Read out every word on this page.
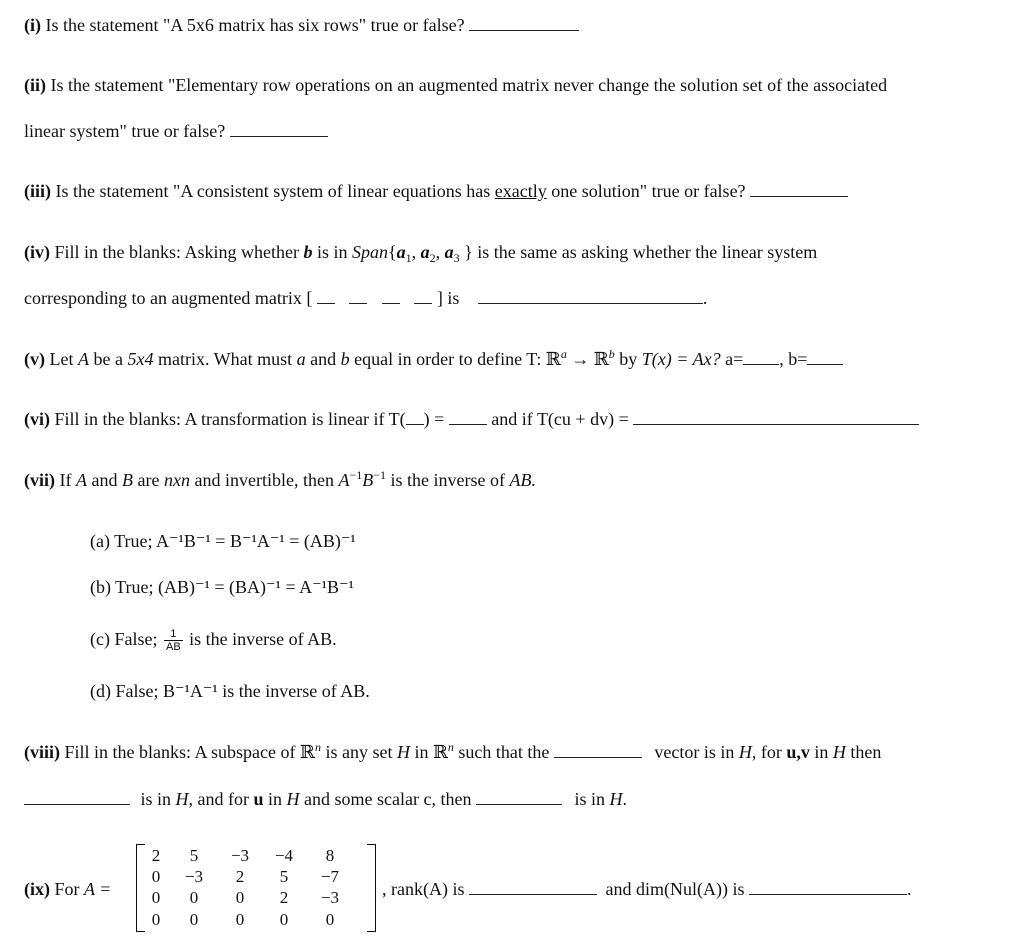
(i) Is the statement "A 5x6 matrix has six rows" true or false?
(ii) Is the statement "Elementary row operations on an augmented matrix never change the solution set of the associated
linear system" true or false?
(iii) Is the statement "A consistent system of linear equations has exactly one solution" true or false?
(iv) Fill in the blanks: Asking whether b is in $Span\{a_1$, $a_2$, $a_3$ } is the same as asking whether the linear system
corresponding to an augmented matrix [	] is	.
(v) Let A be a 5x4 matrix. What must a and b equal in order to define T: ℝ$^a$ → ℝ$^b$ by T(x) = Ax? a= , b=
(vi) Fill in the blanks: A transformation is linear if T( ) =	and if T(cu + dv) =
(vii) If A and B are nxn and invertible, then $A^{-1}B^{-1}$ is the inverse of AB.
(a) True; A⁻¹B⁻¹ = B⁻¹A⁻¹ = (AB)⁻¹
(b) True; (AB)⁻¹ = (BA)⁻¹ = A⁻¹B⁻¹
(c) False; $\frac{1}{AB}$ is the inverse of AB.
(d) False; B⁻¹A⁻¹ is the inverse of AB.
(viii) Fill in the blanks: A subspace of ℝ$^n$ is any set H in ℝ$^n$ such that the	vector is in H, for u,v in H then
is in H, and for u in H and some scalar c, then	is in H.
(ix) For A =
2	5	−3	−4	8
0	−3	2	5	−7
0	0	0	2	−3
0	0	0	0	0
, rank(A) is	and dim(Nul(A)) is	.
